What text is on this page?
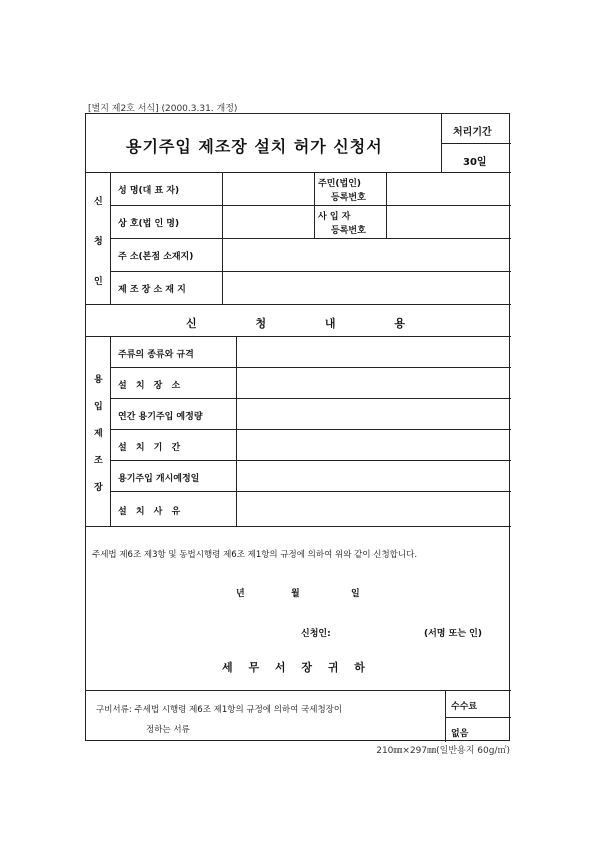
[별지 제2호 서식] (2000.3.31. 개정)
용기주입 제조장 설치 허가 신청서
처리기간
30일
신
청
인
성 명(대 표 자)
주민(법인)
등록번호
상 호(법 인 명)
사 입 자
등록번호
주 소(본점 소재지)
제 조 장 소 재 지
신 청 내 용
용
입
제
조
장
주류의 종류와 규격
설 치 장 소
연간 용기주입 예정량
설 치 기 간
용기주입 개시예정일
설 치 사 유
주세법 제6조 제3항 및 동법시행령 제6조 제1항의 규정에 의하여 위와 같이 신청합니다.
년	월	일
신청인:	(서명 또는 인)
세 무 서 장 귀 하
구비서류: 주세법 시행령 제6조 제1항의 규정에 의하여 국세청장이
정하는 서류
수수료
없음
210㎜×297㎜(일반용지 60g/㎡)
